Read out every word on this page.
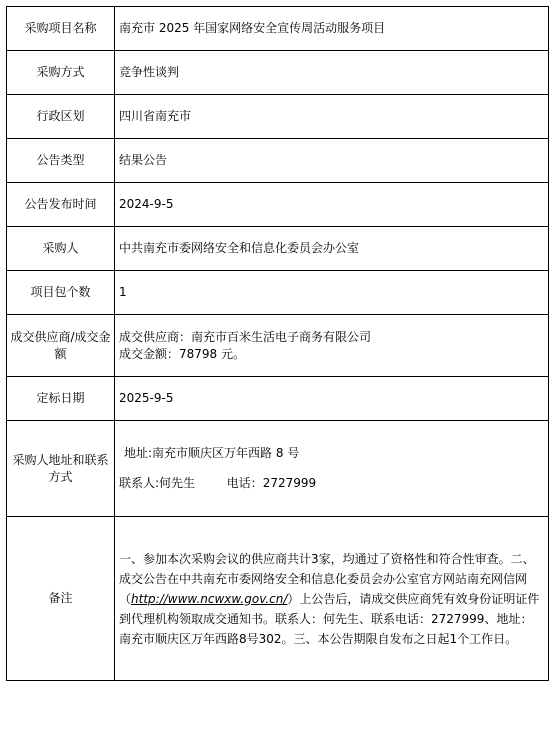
采购项目名称	南充市 2025 年国家网络安全宣传周活动服务项目
采购方式	竞争性谈判
行政区划	四川省南充市
公告类型	结果公告
公告发布时间	2024-9-5
采购人	中共南充市委网络安全和信息化委员会办公室
项目包个数	1
成交供应商/成交金额	成交供应商：南充市百米生活电子商务有限公司
成交金额：78798 元。

定标日期	2025-9-5
采购人地址和联系方式	地址:南充市顺庆区万年西路 8 号
联系人:何先生 电话：2727999

备注	一、参加本次采购会议的供应商共计3家，均通过了资格性和符合性审查。二、成交公告在中共南充市委网络安全和信息化委员会办公室官方网站南充网信网（http://www.ncwxw.gov.cn/）上公告后，请成交供应商凭有效身份证明证件到代理机构领取成交通知书。联系人：何先生、联系电话：2727999、地址：南充市顺庆区万年西路8号302。三、本公告期限自发布之日起1个工作日。
